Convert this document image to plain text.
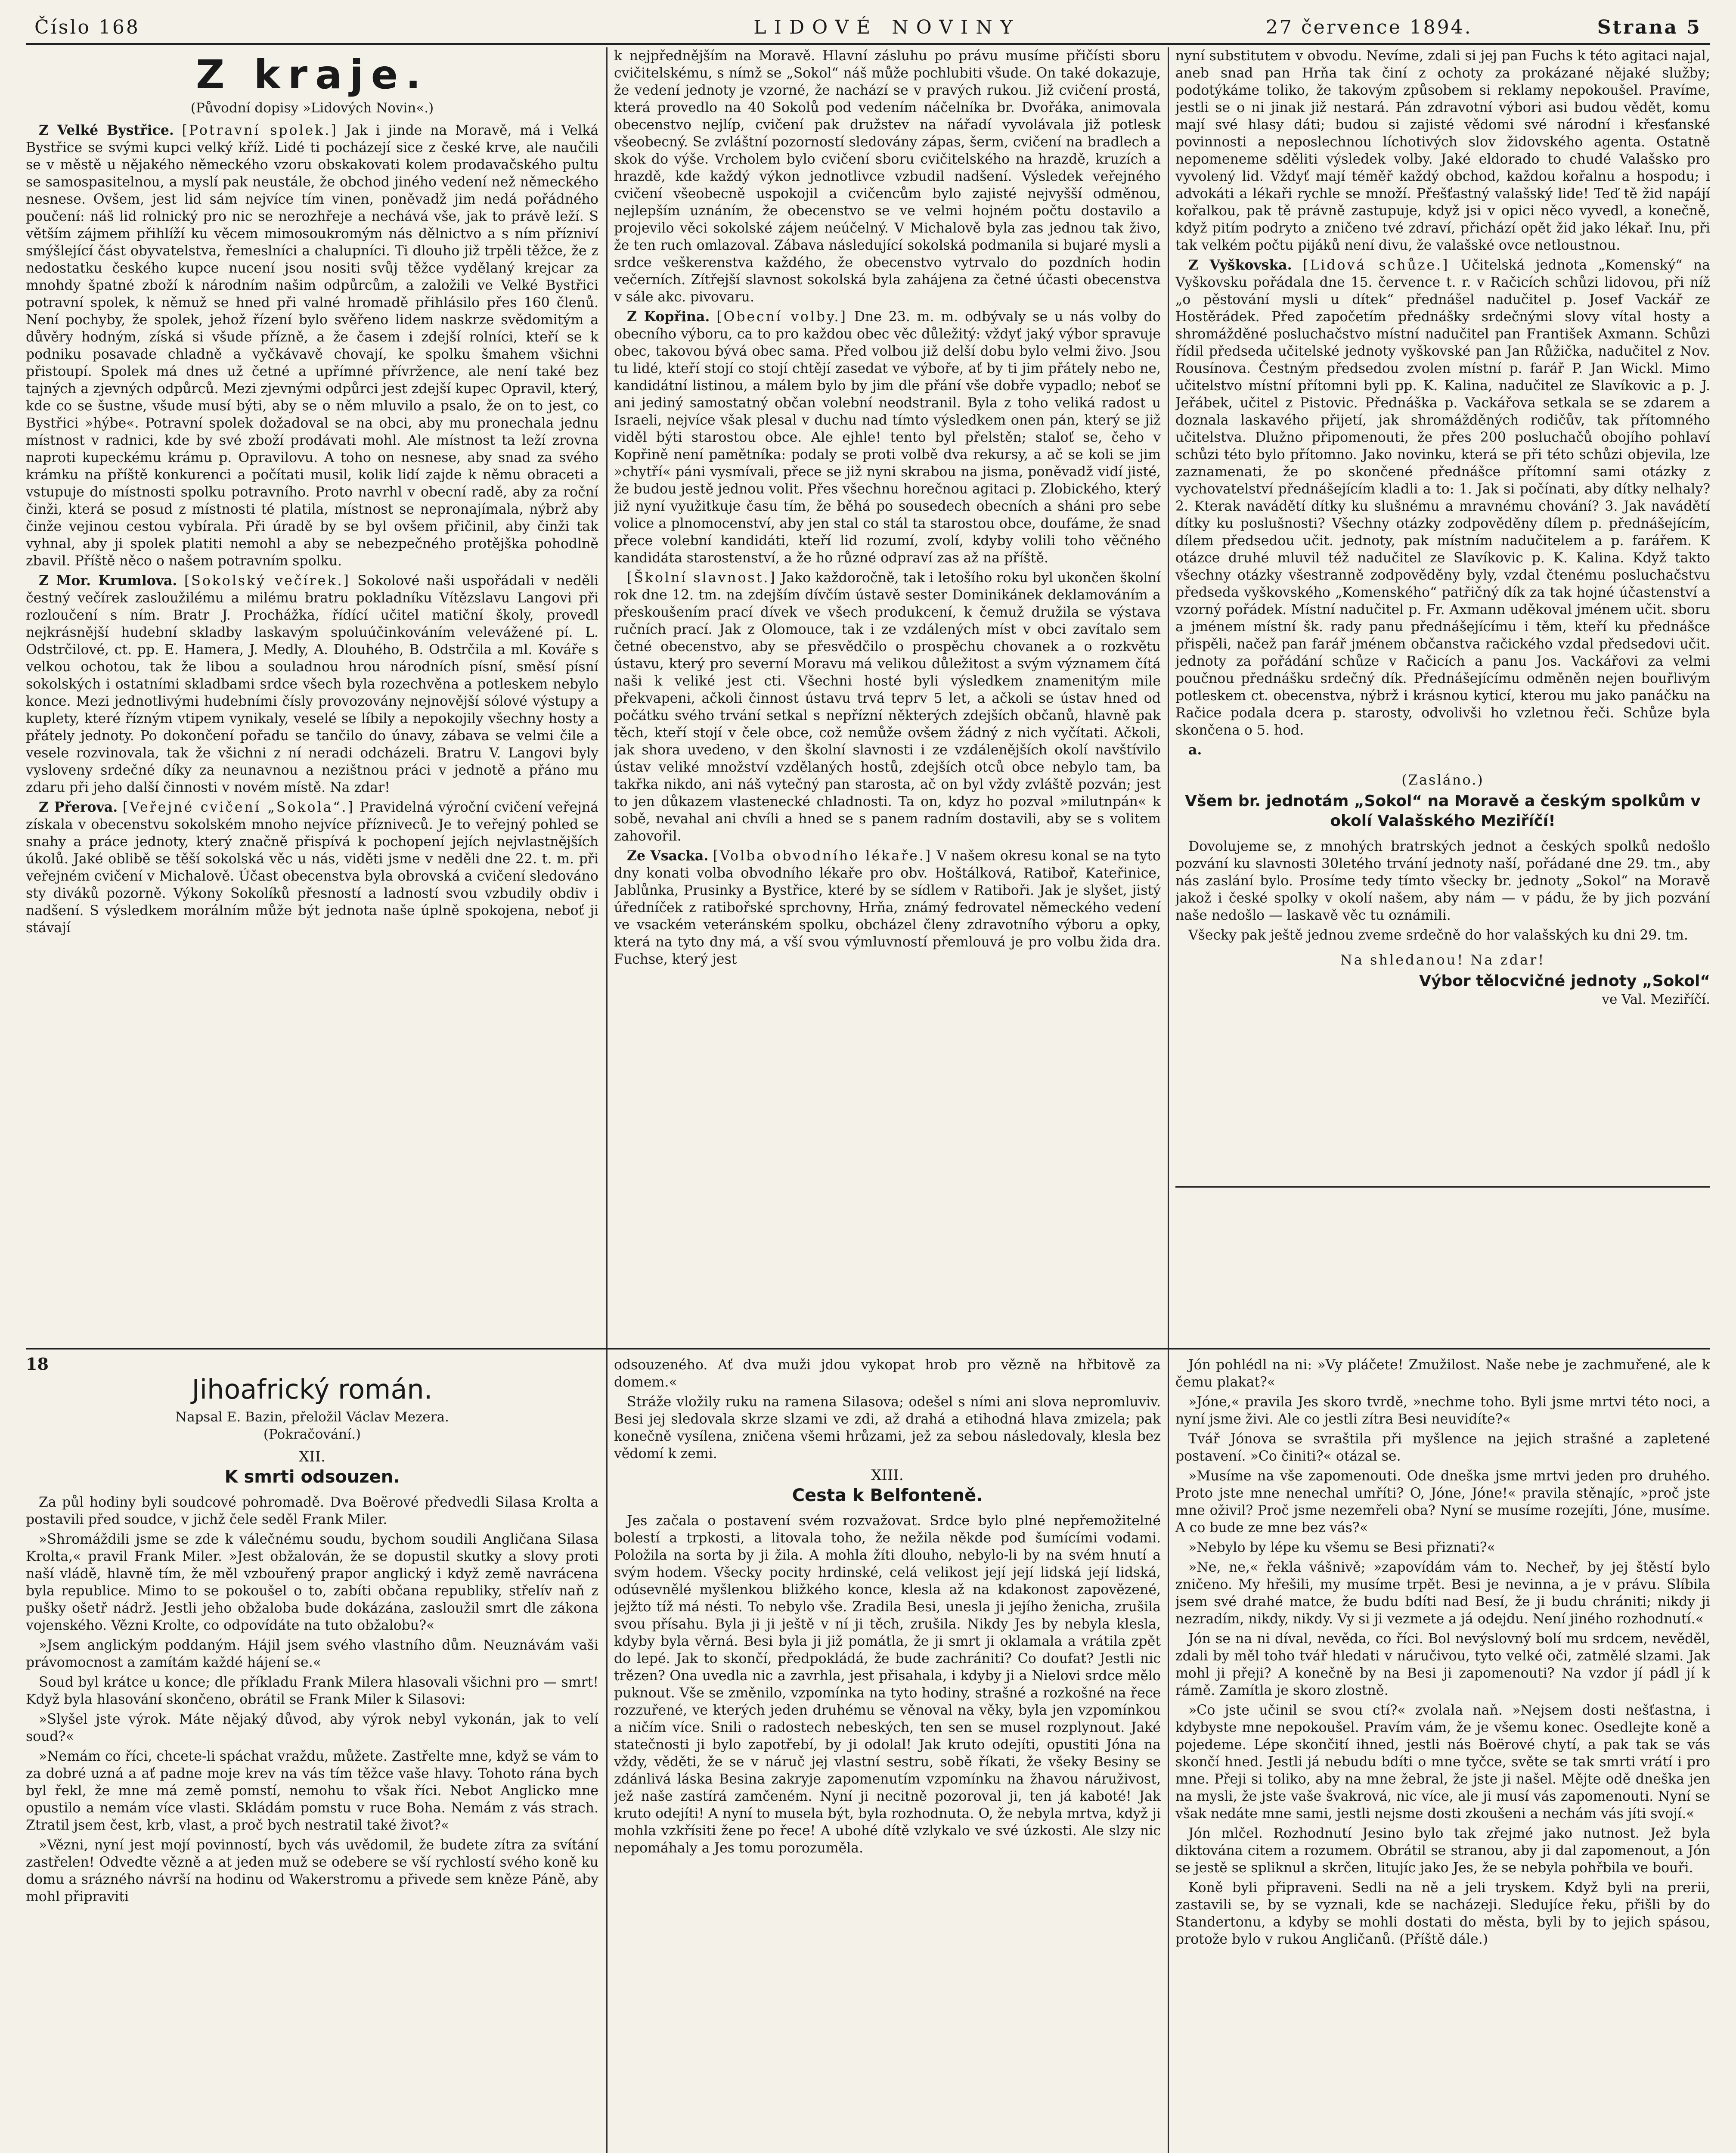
Číslo 168	LIDOVÉ NOVINY	27 července 1894.	Strana 5
Z kraje.
(Původní dopisy »Lidových Novin«.)

Z Velké Bystřice. [Potravní spolek.] Jak i jinde na Moravě, má i Velká Bystřice se svými kupci velký kříž. Lidé ti pocházejí sice z české krve, ale naučili se v městě u nějakého německého vzoru obskakovati kolem prodavačského pultu se samospasitelnou, a myslí pak neustále, že obchod jiného vedení než německého nesnese. Ovšem, jest lid sám nejvíce tím vinen, poněvadž jim nedá pořádného poučení: náš lid rolnický pro nic se nerozhřeje a nechává vše, jak to právě leží. S větším zájmem přihlíží ku věcem mimosoukromým nás dělnictvo a s ním přízniví smýšlející část obyvatelstva, řemeslníci a chalupníci. Ti dlouho již trpěli těžce, že z nedostatku českého kupce nucení jsou nositi svůj těžce vydělaný krejcar za mnohdy špatné zboží k národním našim odpůrcům, a založili ve Velké Bystřici potravní spolek, k němuž se hned při valné hromadě přihlásilo přes 160 členů. Není pochyby, že spolek, jehož řízení bylo svěřeno lidem naskrze svědomitým a důvěry hodným, získá si všude přízně, a že časem i zdejší rolníci, kteří se k podniku posavade chladně a vyčkávavě chovají, ke spolku šmahem všichni přistoupí. Spolek má dnes už četné a upřímné přívržence, ale není také bez tajných a zjevných odpůrců. Mezi zjevnými odpůrci jest zdejší kupec Opravil, který, kde co se šustne, všude musí býti, aby se o něm mluvilo a psalo, že on to jest, co Bystřici »hýbe«. Potravní spolek dožadoval se na obci, aby mu pronechala jednu místnost v radnici, kde by své zboží prodávati mohl. Ale místnost ta leží zrovna naproti kupeckému krámu p. Opravilovu. A toho on nesnese, aby snad za svého krámku na příště konkurenci a počítati musil, kolik lidí zajde k němu obraceti a vstupuje do místnosti spolku potravního. Proto navrhl v obecní radě, aby za roční činži, která se posud z místnosti té platila, místnost se nepronajímala, nýbrž aby činže vejinou cestou vybírala. Při úradě by se byl ovšem přičinil, aby činži tak vyhnal, aby ji spolek platiti nemohl a aby se nebezpečného protějška pohodlně zbavil. Příště něco o našem potravním spolku.

Z Mor. Krumlova. [Sokolský večírek.] Sokolové naši uspořádali v neděli čestný večírek zasloužilému a milému bratru pokladníku Vítězslavu Langovi při rozloučení s ním. Bratr J. Prochážka, řídící učitel matiční školy, provedl nejkrásnější hudební skladby laskavým spoluúčinkováním velevážené pí. L. Odstrčilové, ct. pp. E. Hamera, J. Medly, A. Dlouhého, B. Odstrčila a ml. Kováře s velkou ochotou, tak že libou a souladnou hrou národních písní, směsí písní sokolských i ostatními skladbami srdce všech byla rozechvěna a potleskem nebylo konce. Mezi jednotlivými hudebními čísly provozovány nejnovější sólové výstupy a kuplety, které řízným vtipem vynikaly, veselé se líbily a nepokojily všechny hosty a přátely jednoty. Po dokončení pořadu se tančilo do únavy, zábava se velmi čile a vesele rozvinovala, tak že všichni z ní neradi odcházeli. Bratru V. Langovi byly vysloveny srdečné díky za neunavnou a nezištnou práci v jednotě a přáno mu zdaru při jeho další činnosti v novém místě. Na zdar!

Z Přerova. [Veřejné cvičení „Sokola“.] Pravidelná výroční cvičení veřejná získala v obecenstvu sokolském mnoho nejvíce přízniveců. Je to veřejný pohled se snahy a práce jednoty, který značně přispívá k pochopení jejích nejvlastnějších úkolů. Jaké oblibě se těší sokolská věc u nás, viděti jsme v neděli dne 22. t. m. při veřejném cvičení v Michalově. Účast obecenstva byla obrovská a cvičení sledováno sty diváků pozorně. Výkony Sokolíků přesností a ladností svou vzbudily obdiv i nadšení. S výsledkem morálním může být jednota naše úplně spokojena, neboť ji stávají

k nejpřednějším na Moravě. Hlavní zásluhu po právu musíme přičísti sboru cvičitelskému, s nímž se „Sokol“ náš může pochlubiti všude. On také dokazuje, že vedení jednoty je vzorné, že nachází se v pravých rukou. Již cvičení prostá, která provedlo na 40 Sokolů pod vedením náčelníka br. Dvořáka, animovala obecenstvo nejlíp, cvičení pak družstev na nářadí vyvolávala již potlesk všeobecný. Se zvláštní pozorností sledovány zápas, šerm, cvičení na bradlech a skok do výše. Vrcholem bylo cvičení sboru cvičitelského na hrazdě, kruzích a hrazdě, kde každý výkon jednotlivce vzbudil nadšení. Výsledek veřejného cvičení všeobecně uspokojil a cvičencům bylo zajisté nejvyšší odměnou, nejlepším uznáním, že obecenstvo se ve velmi hojném počtu dostavilo a projevilo věci sokolské zájem neúčelný. V Michalově byla zas jednou tak živo, že ten ruch omlazoval. Zábava následující sokolská podmanila si bujaré mysli a srdce veškerenstva každého, že obecenstvo vytrvalo do pozdních hodin večerních. Zítřejší slavnost sokolská byla zahájena za četné účasti obecenstva v sále akc. pivovaru.

Z Kopřina. [Obecní volby.] Dne 23. m. m. odbývaly se u nás volby do obecního výboru, ca to pro každou obec věc důležitý: vždyť jaký výbor spravuje obec, takovou bývá obec sama. Před volbou již delší dobu bylo velmi živo. Jsou tu lidé, kteří stojí co stojí chtějí zasedat ve výboře, ať by ti jim přátely nebo ne, kandidátní listinou, a málem bylo by jim dle přání vše dobře vypadlo; neboť se ani jediný samostatný občan volební neodstranil. Byla z toho veliká radost u Israeli, nejvíce však plesal v duchu nad tímto výsledkem onen pán, který se již viděl býti starostou obce. Ale ejhle! tento byl přelstěn; staloť se, čeho v Kopřině není pamětníka: podaly se proti volbě dva rekursy, a ač se koli se jim »chytří« páni vysmívali, přece se již nyni skrabou na jisma, poněvadž vidí jisté, že budou jestě jednou volit. Přes všechnu horečnou agitaci p. Zlobického, který již nyní využitkuje času tím, že běhá po sousedech obecních a sháni pro sebe volice a plnomocenství, aby jen stal co stál ta starostou obce, doufáme, že snad přece volební kandidáti, kteří lid rozumí, zvolí, kdyby volili toho věčného kandidáta starostenství, a že ho různé odpraví zas až na příště.

[Školní slavnost.] Jako každoročně, tak i letošího roku byl ukončen školní rok dne 12. tm. na zdejším dívčím ústavě sester Dominikánek deklamováním a přeskoušením prací dívek ve všech produkcení, k čemuž družila se výstava ručních prací. Jak z Olomouce, tak i ze vzdálených míst v obci zavítalo sem četné obecenstvo, aby se přesvědčilo o prospěchu chovanek a o rozkvětu ústavu, který pro severní Moravu má velikou důležitost a svým významem čítá naši k veliké jest cti. Všechni hosté byli výsledkem znamenitým mile překvapeni, ačkoli činnost ústavu trvá teprv 5 let, a ačkoli se ústav hned od počátku svého trvání setkal s nepřízní některých zdejších občanů, hlavně pak těch, kteří stojí v čele obce, což nemůže ovšem žádný z nich vyčítati. Ačkoli, jak shora uvedeno, v den školní slavnosti i ze vzdálenějších okolí navštívilo ústav veliké množství vzdělaných hostů, zdejších otců obce nebylo tam, ba takřka nikdo, ani náš vytečný pan starosta, ač on byl vždy zvláště pozván; jest to jen důkazem vlastenecké chladnosti. Ta on, kdyz ho pozval »milutnpán« k sobě, nevahal ani chvíli a hned se s panem radním dostavili, aby se s volitem zahovořil.

Ze Vsacka. [Volba obvodního lékaře.] V našem okresu konal se na tyto dny konati volba obvodního lékaře pro obv. Hoštálková, Ratiboř, Kateřinice, Jablůnka, Prusinky a Bystřice, které by se sídlem v Ratiboři. Jak je slyšet, jistý úředníček z ratibořské sprchovny, Hrňa, známý fedrovatel německého vedení ve vsackém veteránském spolku, obcházel členy zdravotního výboru a opky, která na tyto dny má, a vší svou výmluvností přemlouvá je pro volbu žida dra. Fuchse, který jest

nyní substitutem v obvodu. Nevíme, zdali si jej pan Fuchs k této agitaci najal, aneb snad pan Hrňa tak činí z ochoty za prokázané nějaké služby; podotýkáme toliko, že takovým způsobem si reklamy nepokoušel. Pravíme, jestli se o ni jinak již nestará. Pán zdravotní výbori asi budou vědět, komu mají své hlasy dáti; budou si zajisté vědomi své národní i křesťanské povinnosti a neposlechnou líchotivých slov židovského agenta. Ostatně nepomeneme sděliti výsledek volby. Jaké eldorado to chudé Valašsko pro vyvolený lid. Vždyť mají téměř každý obchod, každou kořalnu a hospodu; i advokáti a lékaři rychle se množí. Přešťastný valašský lide! Teď tě žid napájí kořalkou, pak tě právně zastupuje, když jsi v opici něco vyvedl, a konečně, když pitím podryto a zničeno tvé zdraví, přichází opět žid jako lékař. Inu, při tak velkém počtu pijáků není divu, že valašské ovce netloustnou.

Z Vyškovska. [Lidová schůze.] Učitelská jednota „Komenský“ na Vyškovsku pořádala dne 15. července t. r. v Račicích schůzi lidovou, při níž „o pěstování mysli u dítek“ přednášel nadučitel p. Josef Vackář ze Hostěrádek. Před započetím přednášky srdečnými slovy vítal hosty a shromážděné posluchačstvo místní nadučitel pan František Axmann. Schůzi řídil předseda učitelské jednoty vyškovské pan Jan Růžička, nadučitel z Nov. Rousínova. Čestným předsedou zvolen místní p. farář P. Jan Wickl. Mimo učitelstvo místní přítomni byli pp. K. Kalina, nadučitel ze Slavíkovic a p. J. Jeřábek, učitel z Pistovic. Přednáška p. Vackářova setkala se se zdarem a doznala laskavého přijetí, jak shromážděných rodičův, tak přítomného učitelstva. Dlužno připomenouti, že přes 200 posluchačů obojího pohlaví schůzi této bylo přítomno. Jako novinku, která se při této schůzi objevila, lze zaznamenati, že po skončené přednášce přítomní sami otázky z vychovatelství přednášejícím kladli a to: 1. Jak si počínati, aby dítky nelhaly? 2. Kterak navádětí dítky ku slušnému a mravnému chování? 3. Jak navádětí dítky ku poslušnosti? Všechny otázky zodpověděny dílem p. přednášejícím, dílem předsedou učit. jednoty, pak místním nadučitelem a p. farářem. K otázce druhé mluvil též nadučitel ze Slavíkovic p. K. Kalina. Když takto všechny otázky všestranně zodpověděny byly, vzdal čtenému posluchačstvu předseda vyškovského „Komenského“ patřičný dík za tak hojné účastenství a vzorný pořádek. Místní nadučitel p. Fr. Axmann uděkoval jménem učit. sboru a jménem místní šk. rady panu přednášejícímu i těm, kteří ku přednášce přispěli, načež pan farář jménem občanstva račického vzdal předsedovi učit. jednoty za pořádání schůze v Račicích a panu Jos. Vackářovi za velmi poučnou přednášku srdečný dík. Přednášejícímu odměněn nejen bouřlivým potleskem ct. obecenstva, nýbrž i krásnou kyticí, kterou mu jako panáčku na Račice podala dcera p. starosty, odvolivši ho vzletnou řeči. Schůze byla skončena o 5. hod.

a.

(Zasláno.)
Všem br. jednotám „Sokol“ na Moravě a českým spolkům v okolí Valašského Meziříčí!

Dovolujeme se, z mnohých bratrských jednot a českých spolků nedošlo pozvání ku slavnosti 30letého trvání jednoty naší, pořádané dne 29. tm., aby nás zaslání bylo. Prosíme tedy tímto všecky br. jednoty „Sokol“ na Moravě jakož i české spolky v okolí našem, aby nám — v pádu, že by jich pozvání naše nedošlo — laskavě věc tu oznámili.

Všecky pak ještě jednou zveme srdečně do hor valašských ku dni 29. tm.

Na shledanou! Na zdar!
Výbor tělocvičné jednoty „Sokol“
ve Val. Meziříčí.
18
Jihoafrický román.
Napsal E. Bazin, přeložil Václav Mezera.
(Pokračování.)
XII.
K smrti odsouzen.

Za půl hodiny byli soudcové pohromadě. Dva Boërové předvedli Silasa Krolta a postavili před soudce, v jichž čele seděl Frank Miler.

»Shromáždili jsme se zde k válečnému soudu, bychom soudili Angličana Silasa Krolta,« pravil Frank Miler. »Jest obžalován, že se dopustil skutky a slovy proti naší vládě, hlavně tím, že měl vzbouřený prapor anglický i když země navrácena byla republice. Mimo to se pokoušel o to, zabíti občana republiky, střelív naň z pušky ošetř nádrž. Jestli jeho obžaloba bude dokázána, zasloužil smrt dle zákona vojenského. Vězni Krolte, co odpovídáte na tuto obžalobu?«

»Jsem anglickým poddaným. Hájil jsem svého vlastního dům. Neuznávám vaši právomocnost a zamítám každé hájení se.«

Soud byl krátce u konce; dle příkladu Frank Milera hlasovali všichni pro — smrt! Když byla hlasování skončeno, obrátil se Frank Miler k Silasovi:

»Slyšel jste výrok. Máte nějaký důvod, aby výrok nebyl vykonán, jak to velí soud?«

»Nemám co říci, chcete-li spáchat vraždu, můžete. Zastřelte mne, když se vám to za dobré uzná a ať padne moje krev na vás tím těžce vaše hlavy. Tohoto rána bych byl řekl, že mne má země pomstí, nemohu to však říci. Nebot Anglicko mne opustilo a nemám více vlasti. Skládám pomstu v ruce Boha. Nemám z vás strach. Ztratil jsem čest, krb, vlast, a proč bych nestratil také život?«

»Vězni, nyní jest mojí povinností, bych vás uvědomil, že budete zítra za svítání zastřelen! Odvedte vězně a at jeden muž se odebere se vší rychlostí svého koně ku domu a srázného návrší na hodinu od Wakerstromu a přivede sem kněze Páně, aby mohl připraviti

odsouzeného. Ať dva muži jdou vykopat hrob pro vězně na hřbitově za domem.«

Stráže vložily ruku na ramena Silasova; odešel s ními ani slova nepromluviv. Besi jej sledovala skrze slzami ve zdi, až drahá a etihodná hlava zmizela; pak konečně vysílena, zničena všemi hrůzami, jež za sebou následovaly, klesla bez vědomí k zemi.

XIII.
Cesta k Belfonteně.

Jes začala o postavení svém rozvažovat. Srdce bylo plné nepřemožitelné bolestí a trpkosti, a litovala toho, že nežila někde pod šumícími vodami. Položila na sorta by ji žila. A mohla žíti dlouho, nebylo-li by na svém hnutí a svým hodem. Všecky pocity hrdinské, celá velikost její její lidská její lidská, odúsevnělé myšlenkou bližkého konce, klesla až na kdakonost zapovězené, jejžto tíž má nésti. To nebylo vše. Zradila Besi, unesla ji jejího ženicha, zrušila svou přísahu. Byla ji ji ještě v ní ji těch, zrušila. Nikdy Jes by nebyla klesla, kdyby byla věrná. Besi byla ji již pomátla, že ji smrt ji oklamala a vrátila zpět do lepé. Jak to skončí, předpokládá, že bude zachrániti? Co doufat? Jestli nic trězen? Ona uvedla nic a zavrhla, jest přisahala, i kdyby ji a Nielovi srdce mělo puknout. Vše se změnilo, vzpomínka na tyto hodiny, strašné a rozkošné na řece rozzuřené, ve kterých jeden druhému se věnoval na věky, byla jen vzpomínkou a ničím více. Snili o radostech nebeských, ten sen se musel rozplynout. Jaké statečnosti ji bylo zapotřebí, by ji odolal! Jak kruto odejíti, opustiti Jóna na vždy, věděti, že se v náruč jej vlastní sestru, sobě říkati, že všeky Besiny se zdánlivá láska Besina zakryje zapomenutím vzpomínku na žhavou náruživost, jež naše zastírá zamčeném. Nyní ji necitně pozoroval ji, ten já kaboté! Jak kruto odejíti! A nyní to musela být, byla rozhodnuta. O, že nebyla mrtva, když ji mohla vzkřísiti žene po řece! A ubohé dítě vzlykalo ve své úzkosti. Ale slzy nic nepomáhaly a Jes tomu porozuměla.

Jón pohlédl na ni: »Vy pláčete! Zmužilost. Naše nebe je zachmuřené, ale k čemu plakat?«

»Jóne,« pravila Jes skoro tvrdě, »nechme toho. Byli jsme mrtvi této noci, a nyní jsme živi. Ale co jestli zítra Besi neuvidíte?«

Tvář Jónova se svraštila při myšlence na jejich strašné a zapletené postavení. »Co činiti?« otázal se.

»Musíme na vše zapomenouti. Ode dneška jsme mrtvi jeden pro druhého. Proto jste mne nenechal umříti? O, Jóne, Jóne!« pravila stěnajíc, »proč jste mne oživil? Proč jsme nezemřeli oba? Nyní se musíme rozejíti, Jóne, musíme. A co bude ze mne bez vás?«

»Nebylo by lépe ku všemu se Besi přiznati?«

»Ne, ne,« řekla vášnivě; »zapovídám vám to. Necheř, by jej štěstí bylo zničeno. My hřešili, my musíme trpět. Besi je nevinna, a je v právu. Slíbila jsem své drahé matce, že budu bdíti nad Besí, že ji budu chrániti; nikdy ji nezradím, nikdy, nikdy. Vy si ji vezmete a já odejdu. Není jiného rozhodnutí.«

Jón se na ni díval, nevěda, co říci. Bol nevýslovný bolí mu srdcem, nevěděl, zdali by měl toho tvář hledati v náručivou, tyto velké oči, zatmělé slzami. Jak mohl ji přeji? A konečně by na Besi ji zapomenouti? Na vzdor jí pádl jí k rámě. Zamítla je skoro zlostně.

»Co jste učinil se svou ctí?« zvolala naň. »Nejsem dosti nešťastna, i kdybyste mne nepokoušel. Pravím vám, že je všemu konec. Osedlejte koně a pojedeme. Lépe skončití ihned, jestli nás Boërové chytí, a pak tak se vás skončí hned. Jestli já nebudu bdíti o mne tyčce, světe se tak smrti vrátí i pro mne. Přeji si toliko, aby na mne žebral, že jste ji našel. Mějte odě dneška jen na mysli, že jste vaše švakrová, nic více, ale ji musí vás zapomenouti. Nyní se však nedáte mne sami, jestli nejsme dosti zkoušeni a nechám vás jíti svojí.«

Jón mlčel. Rozhodnutí Jesino bylo tak zřejmé jako nutnost. Jež byla diktována citem a rozumem. Obrátil se stranou, aby ji dal zapomenout, a Jón se jestě se spliknul a skrčen, litujíc jako Jes, že se nebyla pohřbila ve bouři.

Koně byli připraveni. Sedli na ně a jeli tryskem. Když byli na prerii, zastavili se, by se vyznali, kde se nacházeji. Sledujíce řeku, přišli by do Standertonu, a kdyby se mohli dostati do města, byli by to jejich spásou, protože bylo v rukou Angličanů. (Příště dále.)
